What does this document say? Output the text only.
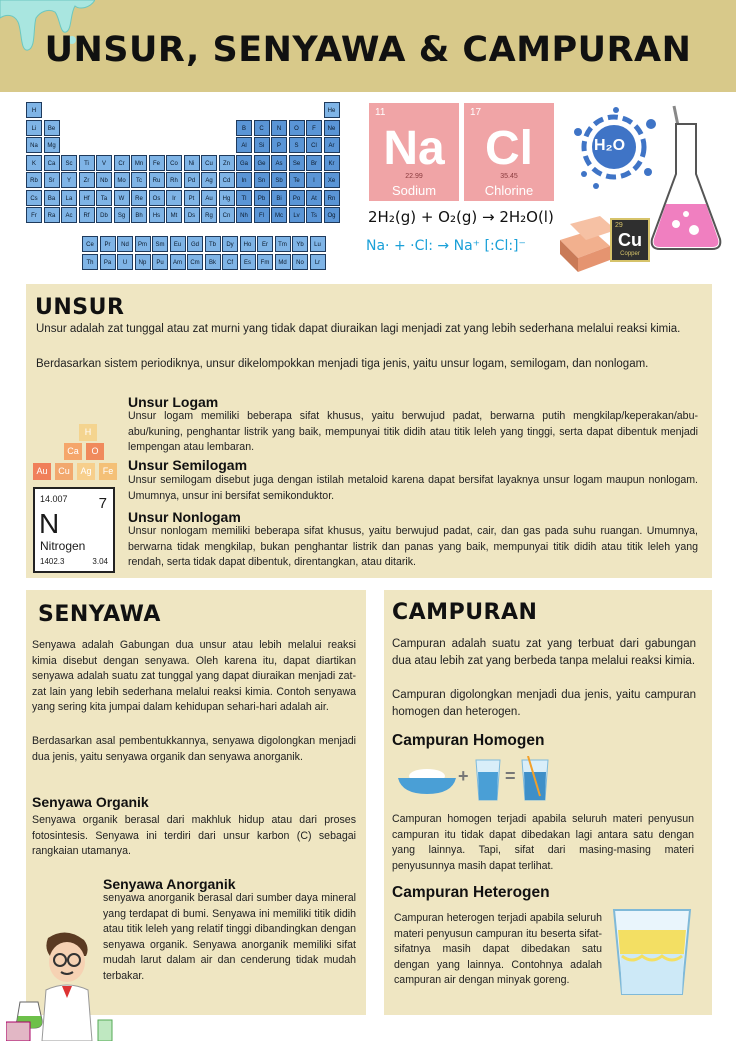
UNSUR, SENYAWA & CAMPURAN
H	He
Li	Be	B	C	N	O	F	Ne
Na	Mg	Al	Si	P	S	Cl	Ar
K	Ca	Sc	Ti	V	Cr	Mn	Fe	Co	Ni	Cu	Zn	Ga	Ge	As	Se	Br	Kr
Rb	Sr	Y	Zr	Nb	Mo	Tc	Ru	Rh	Pd	Ag	Cd	In	Sn	Sb	Te	I	Xe
Cs	Ba	La	Hf	Ta	W	Re	Os	Ir	Pt	Au	Hg	Tl	Pb	Bi	Po	At	Rn
Fr	Ra	Ac	Rf	Db	Sg	Bh	Hs	Mt	Ds	Rg	Cn	Nh	Fl	Mc	Lv	Ts	Og
Ce	Pr	Nd	Pm	Sm	Eu	Gd	Tb	Dy	Ho	Er	Tm	Yb	Lu
Th	Pa	U	Np	Pu	Am	Cm	Bk	Cf	Es	Fm	Md	No	Lr
11
Na
22.99
Sodium
17
Cl
35.45
Chlorine
2H₂(g) + O₂(g) → 2H₂O(l)
Na· + ·Cl: → Na⁺ [:Cl:]⁻
H₂O
29
Cu
Copper
UNSUR
Unsur adalah zat tunggal atau zat murni yang tidak dapat diuraikan lagi menjadi zat yang lebih sederhana melalui reaksi kimia.
Berdasarkan sistem periodiknya, unsur dikelompokkan menjadi tiga jenis, yaitu unsur logam, semilogam, dan nonlogam.
Unsur Logam
Unsur logam memiliki beberapa sifat khusus, yaitu berwujud padat, berwarna putih mengkilap/keperakan/abu-abu/kuning, penghantar listrik yang baik, mempunyai titik didih atau titik leleh yang tinggi, serta dapat dibentuk menjadi lempengan atau lembaran.
Unsur Semilogam
Unsur semilogam disebut juga dengan istilah metaloid karena dapat bersifat layaknya unsur logam maupun nonlogam. Umumnya, unsur ini bersifat semikonduktor.
Unsur Nonlogam
Unsur nonlogam memiliki beberapa sifat khusus, yaitu berwujud padat, cair, dan gas pada suhu ruangan. Umumnya, berwarna tidak mengkilap, bukan penghantar listrik dan panas yang baik, mempunyai titik didih atau titik leleh yang rendah, serta tidak dapat dibentuk, direntangkan, atau ditarik.
H
Ca	O
Au	Cu	Ag	Fe
14.007 7
N
Nitrogen
1402.3	3.04
SENYAWA
Senyawa adalah Gabungan dua unsur atau lebih melalui reaksi kimia disebut dengan senyawa. Oleh karena itu, dapat diartikan senyawa adalah suatu zat tunggal yang dapat diuraikan menjadi zat-zat lain yang lebih sederhana melalui reaksi kimia. Contoh senyawa yang sering kita jumpai dalam kehidupan sehari-hari adalah air.
Berdasarkan asal pembentukkannya, senyawa digolongkan menjadi dua jenis, yaitu senyawa organik dan senyawa anorganik.
Senyawa Organik
Senyawa organik berasal dari makhluk hidup atau dari proses fotosintesis. Senyawa ini terdiri dari unsur karbon (C) sebagai rangkaian utamanya.
Senyawa Anorganik
senyawa anorganik berasal dari sumber daya mineral yang terdapat di bumi. Senyawa ini memiliki titik didih atau titik leleh yang relatif tinggi dibandingkan dengan senyawa organik. Senyawa anorganik memiliki sifat mudah larut dalam air dan cenderung tidak mudah terbakar.
CAMPURAN
Campuran adalah suatu zat yang terbuat dari gabungan dua atau lebih zat yang berbeda tanpa melalui reaksi kimia.
Campuran digolongkan menjadi dua jenis, yaitu campuran homogen dan heterogen.
Campuran Homogen
+ =
Campuran homogen terjadi apabila seluruh materi penyusun campuran itu tidak dapat dibedakan lagi antara satu dengan yang lainnya. Tapi, sifat dari masing-masing materi penyusunnya masih dapat terlihat.
Campuran Heterogen
Campuran heterogen terjadi apabila seluruh materi penyusun campuran itu beserta sifat-sifatnya masih dapat dibedakan satu dengan yang lainnya. Contohnya adalah campuran air dengan minyak goreng.
